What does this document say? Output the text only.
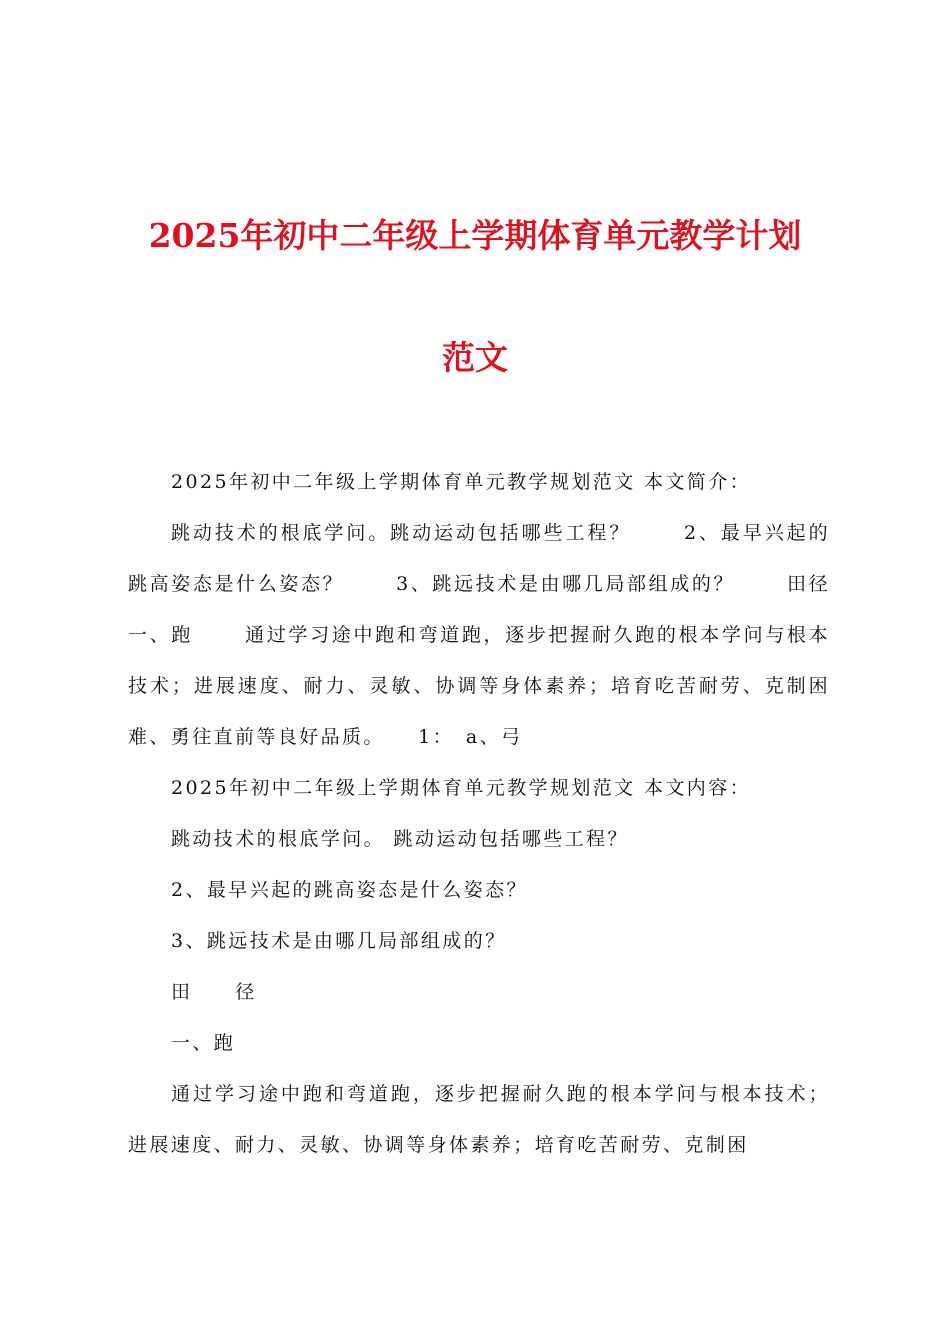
2025年初中二年级上学期体育单元教学计划
范文

2025年初中二年级上学期体育单元教学规划范文 本文简介：

跳动技术的根底学问。跳动运动包括哪些工程？　　 2、最早兴起的跳高姿态是什么姿态？　　 3、跳远技术是由哪几局部组成的？　　 田径　　 一、跑　　 通过学习途中跑和弯道跑，逐步把握耐久跑的根本学问与根本技术；进展速度、耐力、灵敏、协调等身体素养；培育吃苦耐劳、克制困难、勇往直前等良好品质。　　1：　a、弓

2025年初中二年级上学期体育单元教学规划范文 本文内容：

跳动技术的根底学问。 跳动运动包括哪些工程？

2、最早兴起的跳高姿态是什么姿态？

3、跳远技术是由哪几局部组成的？

田　　径

一、跑

通过学习途中跑和弯道跑，逐步把握耐久跑的根本学问与根本技术；进展速度、耐力、灵敏、协调等身体素养；培育吃苦耐劳、克制困
